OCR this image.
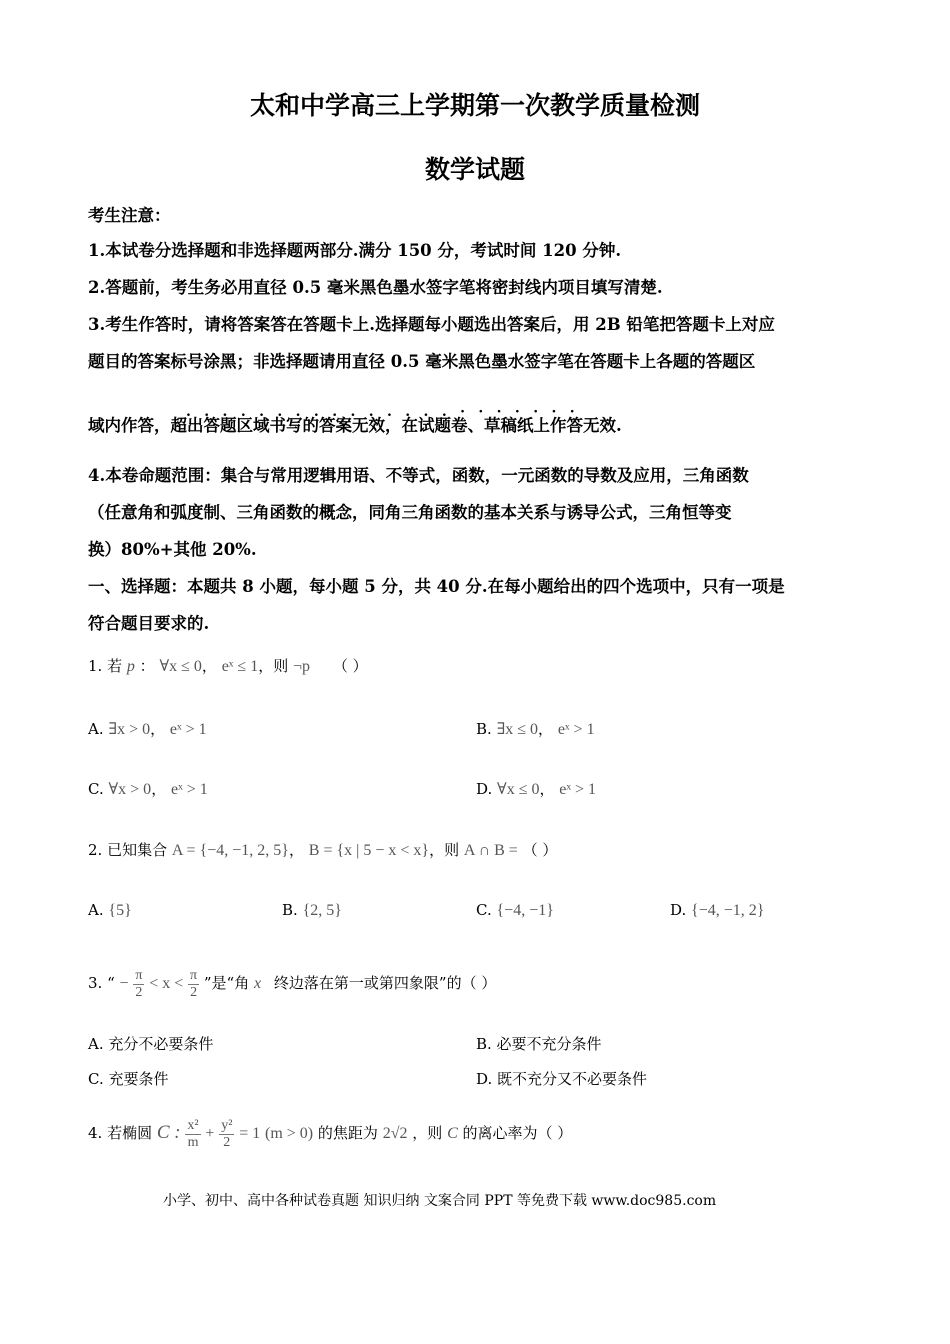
太和中学高三上学期第一次教学质量检测
数学试题
考生注意：
1.本试卷分选择题和非选择题两部分.满分 150 分，考试时间 120 分钟.
2.答题前，考生务必用直径 0.5 毫米黑色墨水签字笔将密封线内项目填写清楚.
3.考生作答时，请将答案答在答题卡上.选择题每小题选出答案后，用 2B 铅笔把答题卡上对应
题目的答案标号涂黑；非选择题请用直径 0.5 毫米黑色墨水签字笔在答题卡上各题的答题区
...............·······
域内作答，超出答题区域书写的答案无效，在试题卷、草稿纸上作答无效.
4.本卷命题范围：集合与常用逻辑用语、不等式，函数，一元函数的导数及应用，三角函数
（任意角和弧度制、三角函数的概念，同角三角函数的基本关系与诱导公式，三角恒等变
换）80%+其他 20%.
一、选择题：本题共 8 小题，每小题 5 分，共 40 分.在每小题给出的四个选项中，只有一项是
符合题目要求的.
1. 若 p ： ∀x ≤ 0， eˣ ≤ 1，则 ¬p （ ）
A. ∃x > 0， eˣ > 1	B. ∃x ≤ 0， eˣ > 1
C. ∀x > 0， eˣ > 1	D. ∀x ≤ 0， eˣ > 1
2. 已知集合 A = {−4, −1, 2, 5}， B = {x | 5 − x < x}，则 A ∩ B = （ ）
A. {5}	B. {2, 5}	C. {−4, −1}	D. {−4, −1, 2}
3. “ − $\frac{\pi}{2} < x < \frac{\pi}{2}$ ”是“角 x 终边落在第一或第四象限”的（ ）
A. 充分不必要条件	B. 必要不充分条件
C. 充要条件	D. 既不充分又不必要条件
4. 若椭圆 C : $\frac{\text{x²}}{m} + \frac{\text{y²}}{2} = 1$ (m > 0) 的焦距为 2√2 ，则 C 的离心率为（ ）
小学、初中、高中各种试卷真题 知识归纳 文案合同 PPT 等免费下载 www.doc985.com
